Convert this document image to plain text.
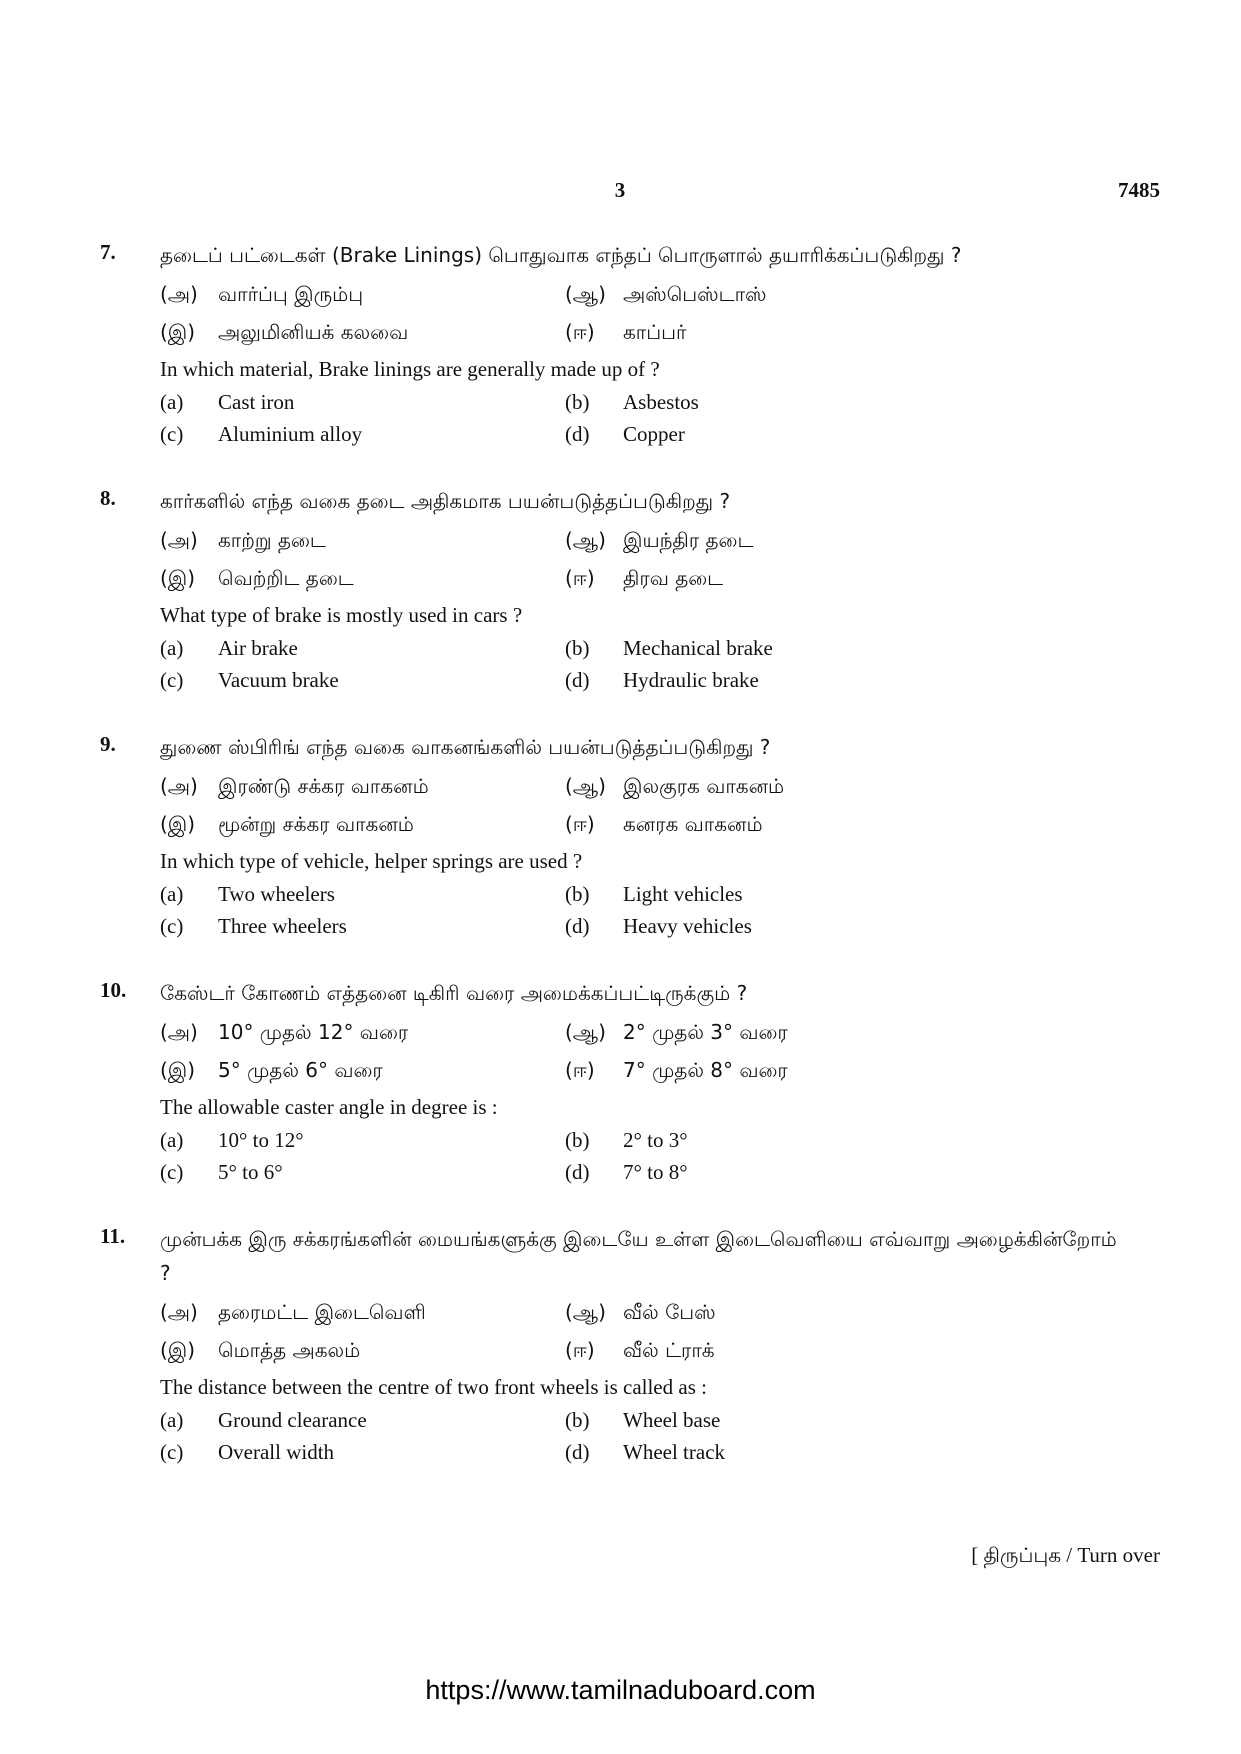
3	7485
7. தடைப் பட்டைகள் (Brake Linings) பொதுவாக எந்தப் பொருளால் தயாரிக்கப்படுகிறது ?
(அ)	வார்ப்பு இரும்பு	(ஆ) அஸ்பெஸ்டாஸ்
(இ)	அலுமினியக் கலவை	(ஈ)	காப்பர்
In which material, Brake linings are generally made up of ?
(a)	Cast iron	(b)	Asbestos
(c)	Aluminium alloy	(d)	Copper
8. கார்களில் எந்த வகை தடை அதிகமாக பயன்படுத்தப்படுகிறது ?
(அ)	காற்று தடை	(ஆ) இயந்திர தடை
(இ)	வெற்றிட தடை	(ஈ)	திரவ தடை
What type of brake is mostly used in cars ?
(a)	Air brake	(b)	Mechanical brake
(c)	Vacuum brake	(d)	Hydraulic brake
9. துணை ஸ்பிரிங் எந்த வகை வாகனங்களில் பயன்படுத்தப்படுகிறது ?
(அ)	இரண்டு சக்கர வாகனம்	(ஆ) இலகுரக வாகனம்
(இ)	மூன்று சக்கர வாகனம்	(ஈ)	கனரக வாகனம்
In which type of vehicle, helper springs are used ?
(a)	Two wheelers	(b)	Light vehicles
(c)	Three wheelers	(d)	Heavy vehicles
10. கேஸ்டர் கோணம் எத்தனை டிகிரி வரை அமைக்கப்பட்டிருக்கும் ?
(அ)	10° முதல் 12° வரை	(ஆ) 2° முதல் 3° வரை
(இ)	5° முதல் 6° வரை	(ஈ)	7° முதல் 8° வரை
The allowable caster angle in degree is :
(a)	10° to 12°	(b)	2° to 3°
(c)	5° to 6°	(d)	7° to 8°
11. முன்பக்க இரு சக்கரங்களின் மையங்களுக்கு இடையே உள்ள இடைவெளியை எவ்வாறு அழைக்கின்றோம் ?
(அ)	தரைமட்ட இடைவெளி	(ஆ) வீல் பேஸ்
(இ)	மொத்த அகலம்	(ஈ)	வீல் ட்ராக்
The distance between the centre of two front wheels is called as :
(a)	Ground clearance	(b)	Wheel base
(c)	Overall width	(d)	Wheel track
[ திருப்புக / Turn over
https://www.tamilnaduboard.com
